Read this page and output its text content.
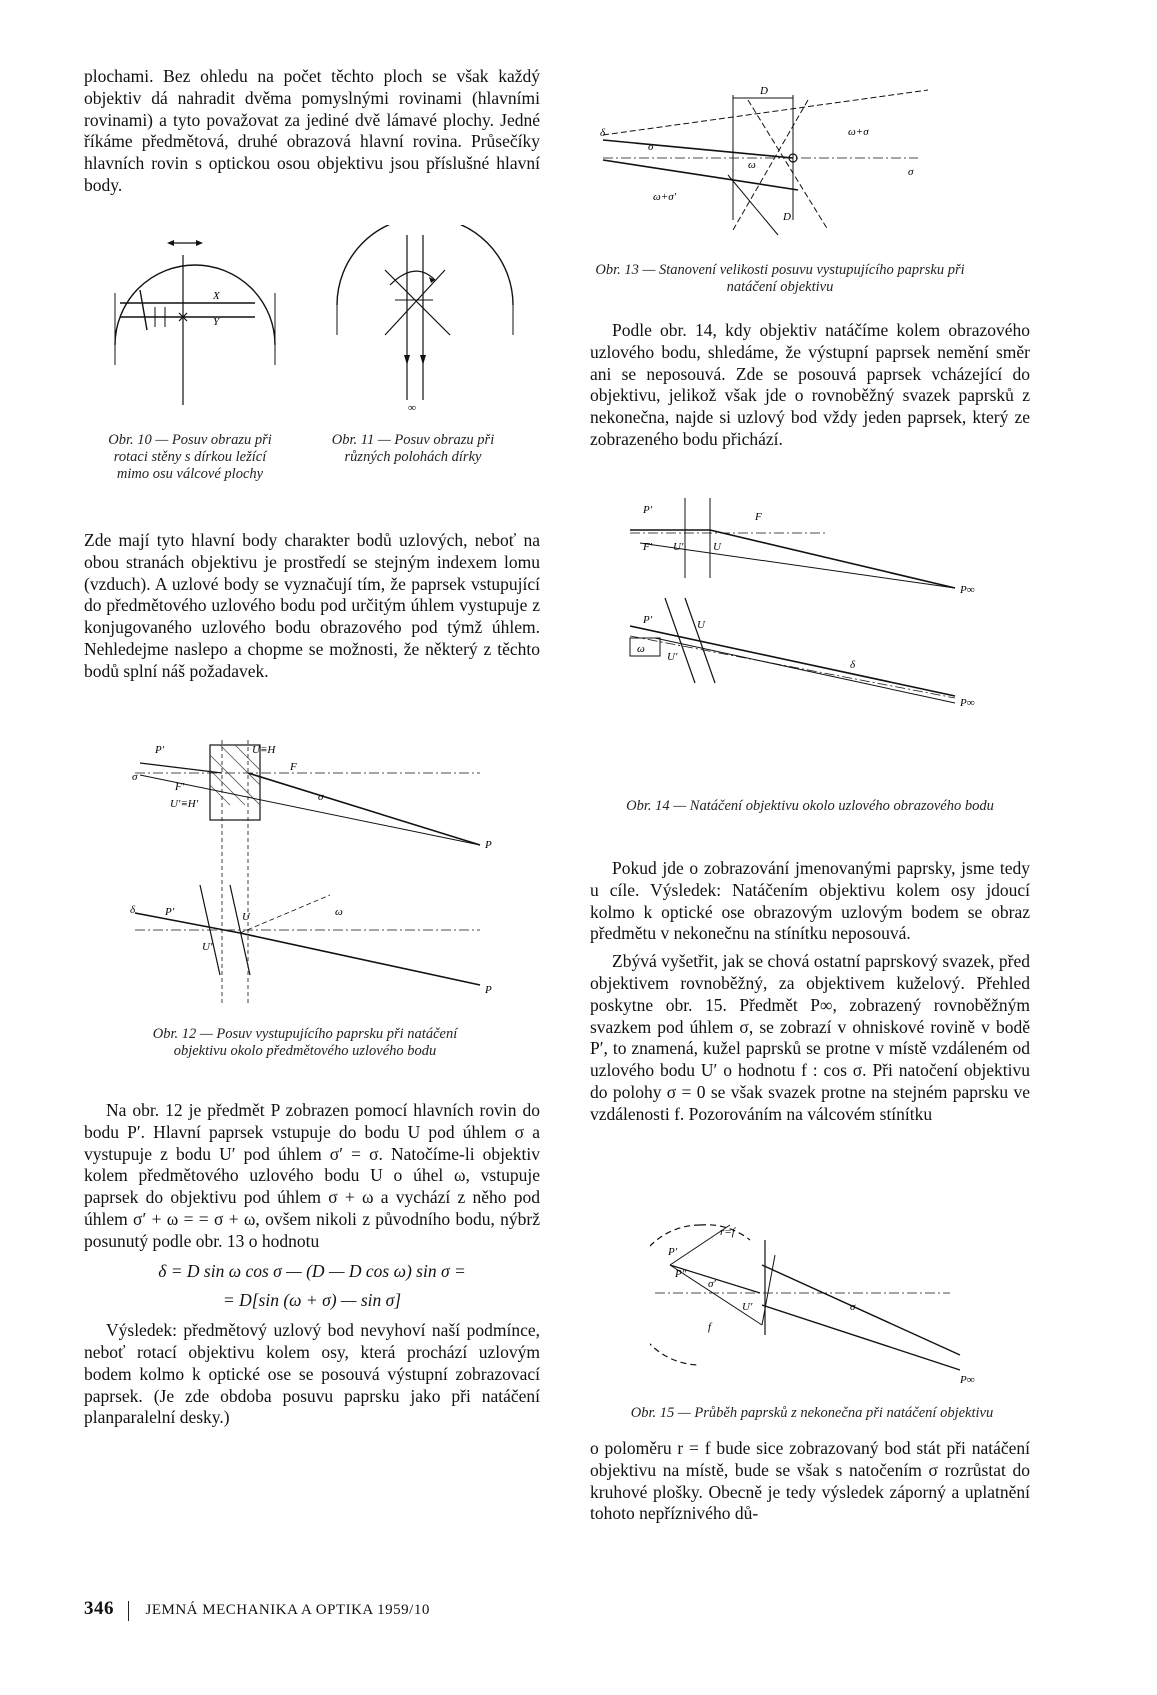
plochami. Bez ohledu na počet těchto ploch se však každý objektiv dá nahradit dvěma pomyslnými rovinami (hlavními rovinami) a tyto považovat za jediné dvě lámavé plochy. Jedné říkáme předmětová, druhé obrazová hlavní rovina. Průsečíky hlavních rovin s optickou osou objektivu jsou příslušné hlavní body.

X
Y
Obr. 10 — Posuv obrazu při rotaci stěny s dírkou ležící mimo osu válcové plochy
∞
Obr. 11 — Posuv obrazu při různých polohách dírky

Zde mají tyto hlavní body charakter bodů uzlových, neboť na obou stranách objektivu je prostředí se stejným indexem lomu (vzduch). A uzlové body se vyznačují tím, že paprsek vstupující do předmětového uzlového bodu pod určitým úhlem vystupuje z konjugovaného uzlového bodu obrazového pod týmž úhlem. Nehledejme naslepo a chopme se možnosti, že některý z těchto bodů splní náš požadavek.

P′	U≡H
σ
F′
U′≡H′
F
σ
P
δ	P′	U
U′
ω
P
Obr. 12 — Posuv vystupujícího paprsku při natáčení objektivu okolo předmětového uzlového bodu

Na obr. 12 je předmět P zobrazen pomocí hlavních rovin do bodu P′. Hlavní paprsek vstupuje do bodu U pod úhlem σ a vystupuje z bodu U′ pod úhlem σ′ = σ. Natočíme-li objektiv kolem předmětového uzlového bodu U o úhel ω, vstupuje paprsek do objektivu pod úhlem σ + ω a vychází z něho pod úhlem σ′ + ω = = σ + ω, ovšem nikoli z původního bodu, nýbrž posunutý podle obr. 13 o hodnotu

δ = D sin ω cos σ — (D — D cos ω) sin σ =
= D[sin (ω + σ) — sin σ]

Výsledek: předmětový uzlový bod nevyhoví naší podmínce, neboť rotací objektivu kolem osy, která prochází uzlovým bodem kolmo k optické ose se posouvá výstupní zobrazovací paprsek. (Je zde obdoba posuvu paprsku jako při natáčení planparalelní desky.)

D
δ
σ
ω
ω+σ
σ
ω+σ′
D
Obr. 13 — Stanovení velikosti posuvu vystupujícího paprsku při natáčení objektivu

Podle obr. 14, kdy objektiv natáčíme kolem obrazového uzlového bodu, shledáme, že výstupní paprsek nemění směr ani se neposouvá. Zde se posouvá paprsek vcházející do objektivu, jelikož však jde o rovnoběžný svazek paprsků z nekonečna, najde si uzlový bod vždy jeden paprsek, který ze zobrazeného bodu přichází.

P′
F
F′ U′	U
P∞
P′	U
U′
ω
δ
P∞
Obr. 14 — Natáčení objektivu okolo uzlového obrazového bodu

Pokud jde o zobrazování jmenovanými paprsky, jsme tedy u cíle. Výsledek: Natáčením objektivu kolem osy jdoucí kolmo k optické ose obrazovým uzlovým bodem se obraz předmětu v nekonečnu na stínítku neposouvá.

Zbývá vyšetřit, jak se chová ostatní paprskový svazek, před objektivem rovnoběžný, za objektivem kuželový. Přehled poskytne obr. 15. Předmět P∞, zobrazený rovnoběžným svazkem pod úhlem σ, se zobrazí v ohniskové rovině v bodě P′, to znamená, kužel paprsků se protne v místě vzdáleném od uzlového bodu U′ o hodnotu f : cos σ. Při natočení objektivu do polohy σ = 0 se však svazek protne na stejném paprsku ve vzdálenosti f. Pozorováním na válcovém stínítku

P′
r=f
P″
σ′
U′
f
σ
P∞
Obr. 15 — Průběh paprsků z nekonečna při natáčení objektivu

o poloměru r = f bude sice zobrazovaný bod stát při natáčení objektivu na místě, bude se však s natočením σ rozrůstat do kruhové plošky. Obecně je tedy výsledek záporný a uplatnění tohoto nepříznivého dů-

346 JEMNÁ MECHANIKA A OPTIKA 1959/10
